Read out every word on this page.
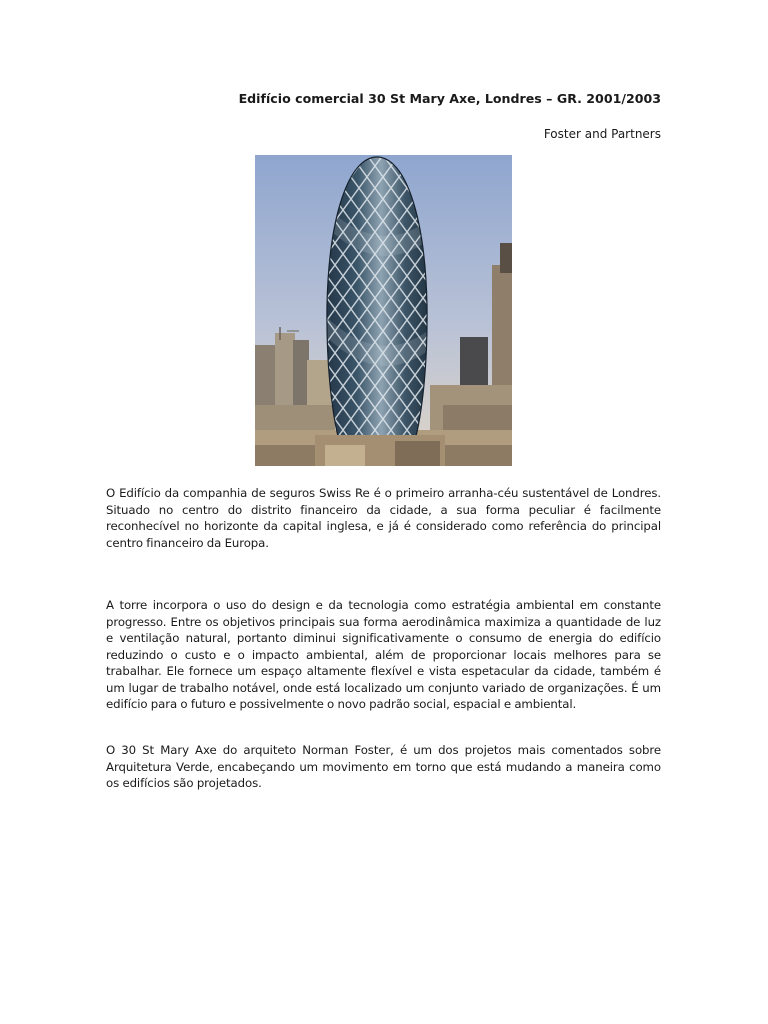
Edifício comercial 30 St Mary Axe, Londres – GR. 2001/2003
Foster and Partners

O Edifício da companhia de seguros Swiss Re é o primeiro arranha-céu sustentável de Londres. Situado no centro do distrito financeiro da cidade, a sua forma peculiar é facilmente reconhecível no horizonte da capital inglesa, e já é considerado como referência do principal centro financeiro da Europa.

A torre incorpora o uso do design e da tecnologia como estratégia ambiental em constante progresso. Entre os objetivos principais sua forma aerodinâmica maximiza a quantidade de luz e ventilação natural, portanto diminui significativamente o consumo de energia do edifício reduzindo o custo e o impacto ambiental, além de proporcionar locais melhores para se trabalhar. Ele fornece um espaço altamente flexível e vista espetacular da cidade, também é um lugar de trabalho notável, onde está localizado um conjunto variado de organizações. É um edifício para o futuro e possivelmente o novo padrão social, espacial e ambiental.

O 30 St Mary Axe do arquiteto Norman Foster, é um dos projetos mais comentados sobre Arquitetura Verde, encabeçando um movimento em torno que está mudando a maneira como os edifícios são projetados.
